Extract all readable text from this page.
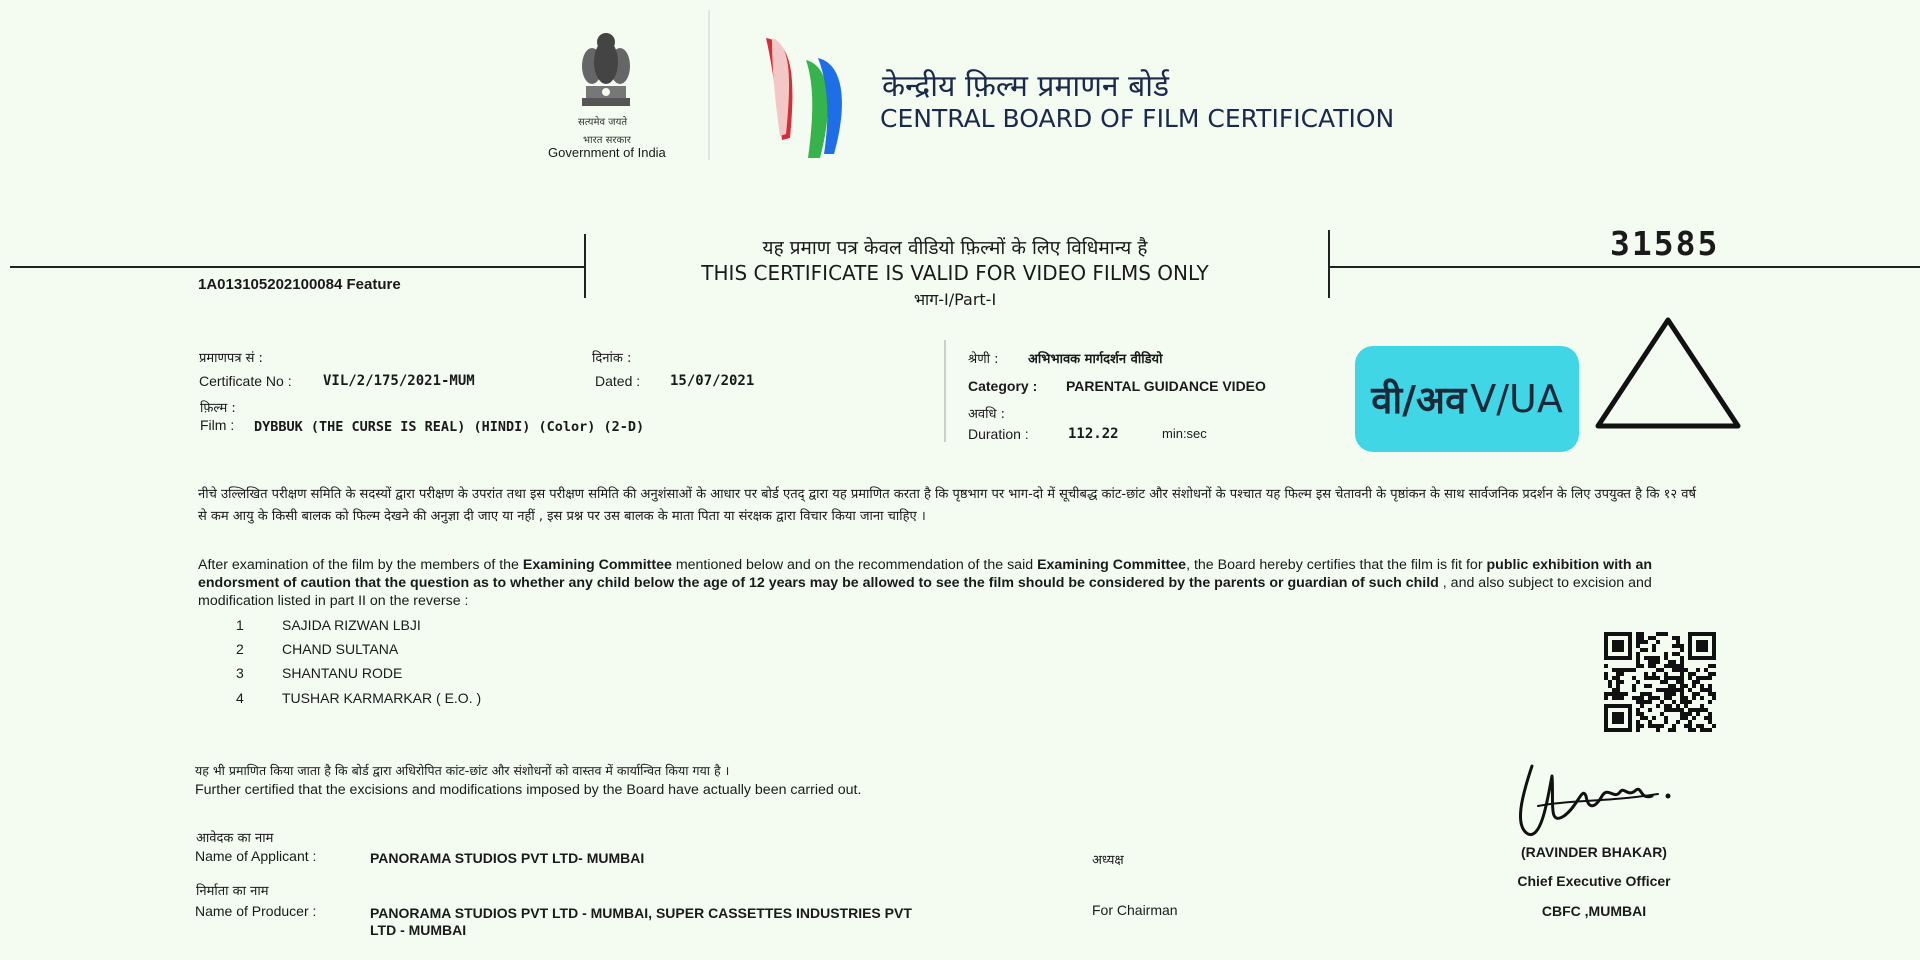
सत्यमेव जयते
भारत सरकार
Government of India
केन्द्रीय फ़िल्म प्रमाणन बोर्ड
CENTRAL BOARD OF FILM CERTIFICATION
1A013105202100084 Feature
यह प्रमाण पत्र केवल वीडियो फ़िल्मों के लिए विधिमान्य है
THIS CERTIFICATE IS VALID FOR VIDEO FILMS ONLY
भाग-I/Part-I
31585
प्रमाणपत्र सं :
Certificate No : VIL/2/175/2021-MUM
दिनांक :
Dated : 15/07/2021
फ़िल्म :
Film : DYBBUK (THE CURSE IS REAL) (HINDI) (Color) (2-D)
श्रेणी : अभिभावक मार्गदर्शन वीडियो
Category : PARENTAL GUIDANCE VIDEO
अवधि :
Duration :	112.22	min:sec
वी/अव V/UA
नीचे उल्लिखित परीक्षण समिति के सदस्यों द्वारा परीक्षण के उपरांत तथा इस परीक्षण समिति की अनुशंसाओं के आधार पर बोर्ड एतद् द्वारा यह प्रमाणित करता है कि पृष्ठभाग पर भाग-दो में सूचीबद्ध कांट-छांट और संशोधनों के पश्चात यह फिल्म इस चेतावनी के पृष्ठांकन के साथ सार्वजनिक प्रदर्शन के लिए उपयुक्त है कि १२ वर्ष से कम आयु के किसी बालक को फिल्म देखने की अनुज्ञा दी जाए या नहीं , इस प्रश्न पर उस बालक के माता पिता या संरक्षक द्वारा विचार किया जाना चाहिए ।
After examination of the film by the members of the Examining Committee mentioned below and on the recommendation of the said Examining Committee, the Board hereby certifies that the film is fit for public exhibition with an endorsment of caution that the question as to whether any child below the age of 12 years may be allowed to see the film should be considered by the parents or guardian of such child , and also subject to excision and modification listed in part II on the reverse :
1	SAJIDA RIZWAN LBJI
2	CHAND SULTANA
3	SHANTANU RODE
4	TUSHAR KARMARKAR ( E.O. )
यह भी प्रमाणित किया जाता है कि बोर्ड द्वारा अधिरोपित कांट-छांट और संशोधनों को वास्तव में कार्यान्वित किया गया है ।
Further certified that the excisions and modifications imposed by the Board have actually been carried out.
आवेदक का नाम
Name of Applicant :	PANORAMA STUDIOS PVT LTD- MUMBAI
निर्माता का नाम
Name of Producer :	PANORAMA STUDIOS PVT LTD - MUMBAI, SUPER CASSETTES INDUSTRIES PVT
LTD - MUMBAI
अध्यक्ष
For Chairman
(RAVINDER BHAKAR)
Chief Executive Officer
CBFC ,MUMBAI
